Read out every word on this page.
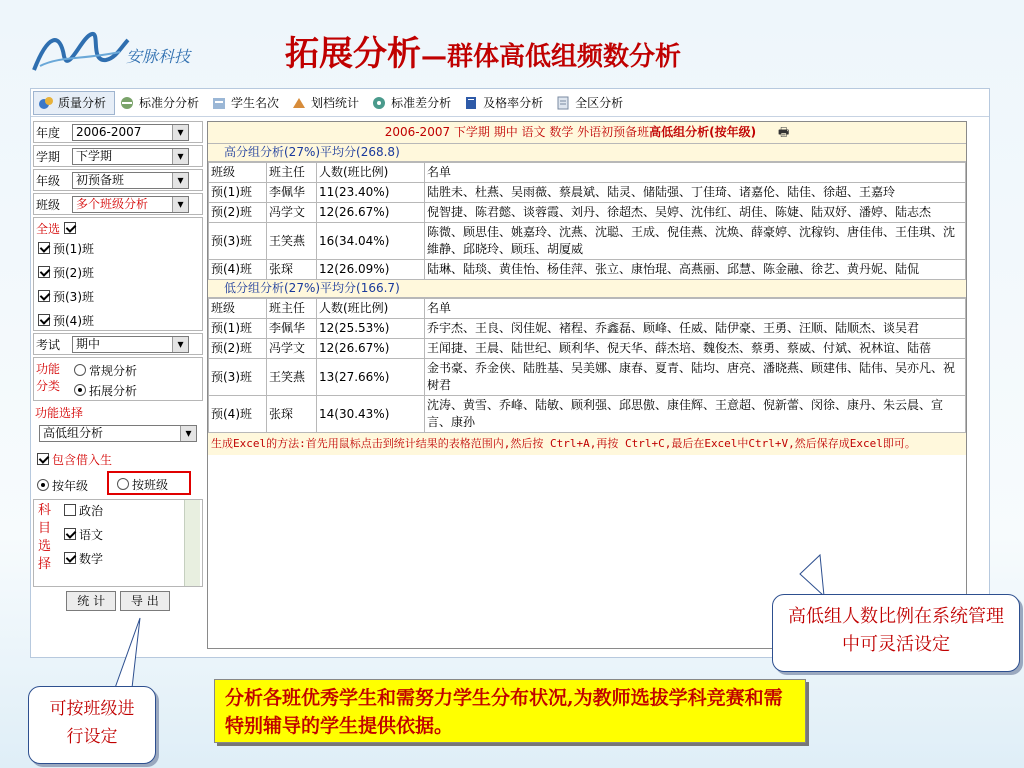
安脉科技	拓展分析—群体高低组频数分析
质量分析	标准分分析	学生名次	划档统计	标准差分析	及格率分析	全区分析
年度	2006-2007	▾
学期	下学期	▾
年级	初预备班	▾
班级	多个班级分析	▾
全选
预(1)班
预(2)班
预(3)班
预(4)班
考试	期中	▾
功能分类
常规分析
拓展分析
功能选择
高低组分析	▾
包含借入生
按年级	按班级
科目选择
政治
语文
数学
统 计 导 出
2006-2007 下学期 期中 语文 数学 外语初预备班高低组分析(按年级) 🖶
高分组分析(27%)平均分(268.8)
班级	班主任	人数(班比例)	名单
预(1)班	李佩华	11(23.40%)	陆胜未、杜燕、吴雨薇、蔡晨斌、陆灵、储陆强、丁佳琦、诸嘉伦、陆佳、徐超、王嘉玲
预(2)班	冯学文	12(26.67%)	倪智捷、陈君懿、谈蓉霞、刘丹、徐超杰、吴婷、沈伟红、胡佳、陈婕、陆双妤、潘婷、陆志杰
预(3)班	王笑燕	16(34.04%)	陈微、顾思佳、姚嘉玲、沈燕、沈聪、王成、倪佳燕、沈焕、薛豪婷、沈稼钧、唐佳伟、王佳琪、沈維静、邱晓玲、顾珏、胡厦威
预(4)班	张琛	12(26.09%)	陆琳、陆琰、黄佳怡、杨佳萍、张立、康怡琨、高燕丽、邱慧、陈金融、徐艺、黄丹妮、陆侃
低分组分析(27%)平均分(166.7)
班级	班主任	人数(班比例)	名单
预(1)班	李佩华	12(25.53%)	乔宇杰、王良、闵佳妮、褚程、乔鑫磊、顾峰、任威、陆伊豪、王勇、汪顺、陆顺杰、谈吴君
预(2)班	冯学文	12(26.67%)	王闻捷、王晨、陆世纪、顾利华、倪天华、薛杰培、魏俊杰、蔡勇、蔡威、付斌、祝林谊、陆蓓
预(3)班	王笑燕	13(27.66%)	金书豪、乔金侠、陆胜基、吴美娜、康春、夏青、陆均、唐亮、潘晓燕、顾建伟、陆伟、吴亦凡、祝树君
预(4)班	张琛	14(30.43%)	沈涛、黄雪、乔峰、陆敏、顾利强、邱思傲、康佳辉、王意超、倪新蕾、闵徐、康丹、朱云晨、宣言、康孙
生成Excel的方法:首先用鼠标点击到统计结果的表格范围内,然后按 Ctrl+A,再按 Ctrl+C,最后在Excel中Ctrl+V,然后保存成Excel即可。
高低组人数比例在系统管理中可灵活设定
可按班级进行设定
分析各班优秀学生和需努力学生分布状况,为教师选拔学科竞赛和需特别辅导的学生提供依据。
